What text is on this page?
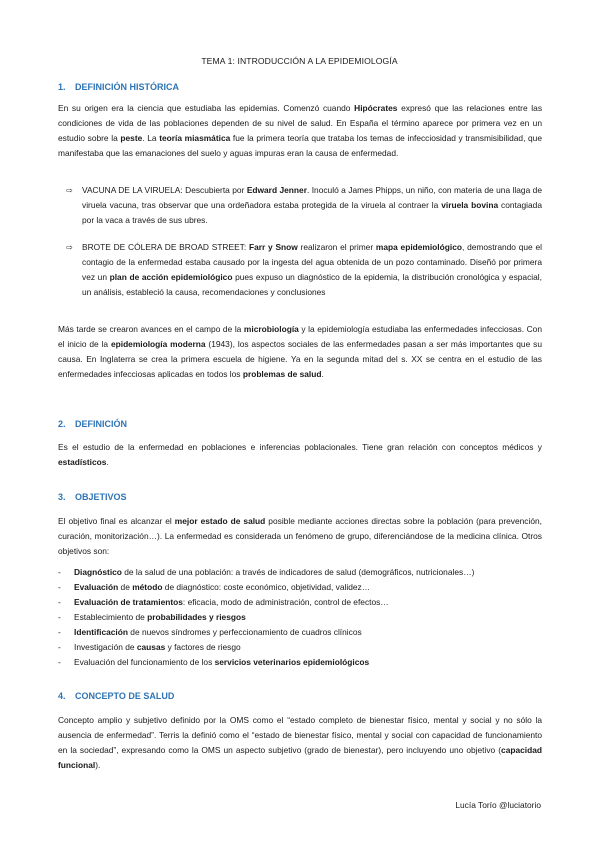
TEMA 1: INTRODUCCIÓN A LA EPIDEMIOLOGÍA
1. DEFINICIÓN HISTÓRICA
En su origen era la ciencia que estudiaba las epidemias. Comenzó cuando Hipócrates expresó que las relaciones entre las condiciones de vida de las poblaciones dependen de su nivel de salud. En España el término aparece por primera vez en un estudio sobre la peste. La teoría miasmática fue la primera teoría que trataba los temas de infecciosidad y transmisibilidad, que manifestaba que las emanaciones del suelo y aguas impuras eran la causa de enfermedad.
⇨ VACUNA DE LA VIRUELA: Descubierta por Edward Jenner. Inoculó a James Phipps, un niño, con materia de una llaga de viruela vacuna, tras observar que una ordeñadora estaba protegida de la viruela al contraer la viruela bovina contagiada por la vaca a través de sus ubres.
⇨ BROTE DE CÓLERA DE BROAD STREET: Farr y Snow realizaron el primer mapa epidemiológico, demostrando que el contagio de la enfermedad estaba causado por la ingesta del agua obtenida de un pozo contaminado. Diseñó por primera vez un plan de acción epidemiológico pues expuso un diagnóstico de la epidemia, la distribución cronológica y espacial, un análisis, estableció la causa, recomendaciones y conclusiones
Más tarde se crearon avances en el campo de la microbiología y la epidemiología estudiaba las enfermedades infecciosas. Con el inicio de la epidemiología moderna (1943), los aspectos sociales de las enfermedades pasan a ser más importantes que su causa. En Inglaterra se crea la primera escuela de higiene. Ya en la segunda mitad del s. XX se centra en el estudio de las enfermedades infecciosas aplicadas en todos los problemas de salud.
2. DEFINICIÓN
Es el estudio de la enfermedad en poblaciones e inferencias poblacionales. Tiene gran relación con conceptos médicos y estadísticos.
3. OBJETIVOS
El objetivo final es alcanzar el mejor estado de salud posible mediante acciones directas sobre la población (para prevención, curación, monitorización…). La enfermedad es considerada un fenómeno de grupo, diferenciándose de la medicina clínica. Otros objetivos son:
- Diagnóstico de la salud de una población: a través de indicadores de salud (demográficos, nutricionales…)
- Evaluación de método de diagnóstico: coste económico, objetividad, validez…
- Evaluación de tratamientos: eficacia, modo de administración, control de efectos…
- Establecimiento de probabilidades y riesgos
- Identificación de nuevos síndromes y perfeccionamiento de cuadros clínicos
- Investigación de causas y factores de riesgo
- Evaluación del funcionamiento de los servicios veterinarios epidemiológicos
4. CONCEPTO DE SALUD
Concepto amplio y subjetivo definido por la OMS como el “estado completo de bienestar físico, mental y social y no sólo la ausencia de enfermedad”. Terris la definió como el “estado de bienestar físico, mental y social con capacidad de funcionamiento en la sociedad”, expresando como la OMS un aspecto subjetivo (grado de bienestar), pero incluyendo uno objetivo (capacidad funcional).
Lucía Torío @luciatorio
